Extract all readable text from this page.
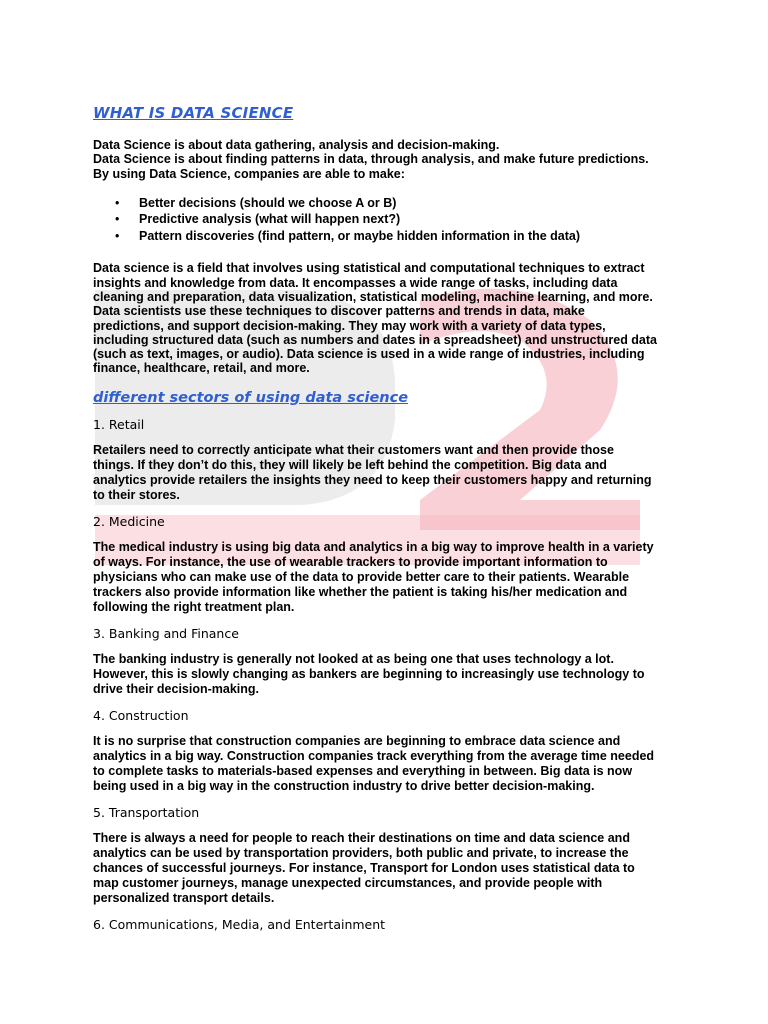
WHAT IS DATA SCIENCE

Data Science is about data gathering, analysis and decision-making.

Data Science is about finding patterns in data, through analysis, and make future predictions.

By using Data Science, companies are able to make:

• Better decisions (should we choose A or B)
• Predictive analysis (what will happen next?)
• Pattern discoveries (find pattern, or maybe hidden information in the data)

Data science is a field that involves using statistical and computational techniques to extract

insights and knowledge from data. It encompasses a wide range of tasks, including data

cleaning and preparation, data visualization, statistical modeling, machine learning, and more.

Data scientists use these techniques to discover patterns and trends in data, make

predictions, and support decision-making. They may work with a variety of data types,

including structured data (such as numbers and dates in a spreadsheet) and unstructured data

(such as text, images, or audio). Data science is used in a wide range of industries, including

finance, healthcare, retail, and more.

different sectors of using data science
1. Retail

Retailers need to correctly anticipate what their customers want and then provide those

things. If they don’t do this, they will likely be left behind the competition. Big data and

analytics provide retailers the insights they need to keep their customers happy and returning

to their stores.

2. Medicine

The medical industry is using big data and analytics in a big way to improve health in a variety

of ways. For instance, the use of wearable trackers to provide important information to

physicians who can make use of the data to provide better care to their patients. Wearable

trackers also provide information like whether the patient is taking his/her medication and

following the right treatment plan.

3. Banking and Finance

The banking industry is generally not looked at as being one that uses technology a lot.

However, this is slowly changing as bankers are beginning to increasingly use technology to

drive their decision-making.

4. Construction

It is no surprise that construction companies are beginning to embrace data science and

analytics in a big way. Construction companies track everything from the average time needed

to complete tasks to materials-based expenses and everything in between. Big data is now

being used in a big way in the construction industry to drive better decision-making.

5. Transportation

There is always a need for people to reach their destinations on time and data science and

analytics can be used by transportation providers, both public and private, to increase the

chances of successful journeys. For instance, Transport for London uses statistical data to

map customer journeys, manage unexpected circumstances, and provide people with

personalized transport details.

6. Communications, Media, and Entertainment
